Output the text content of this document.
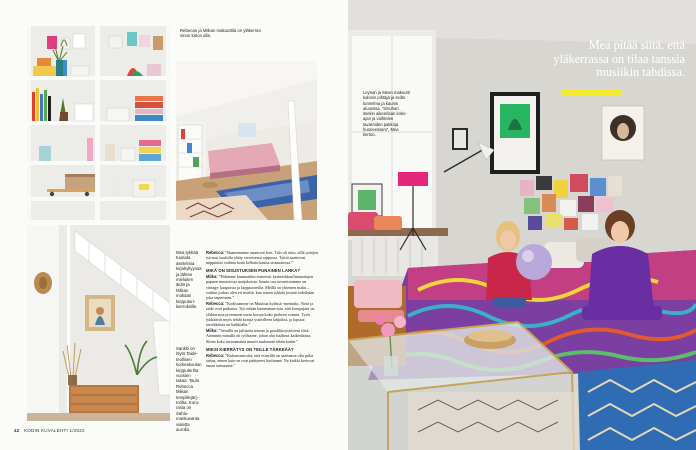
Rebecan ja Miikan makuuttila on yläkerran vinon katon alla.
Mea tykkää tuunata asetelmia kirjahyllyynsä ja lähtee mieluiten äidin ja Miikan mukaan kirpputorikierroksille.
Sankki on löytö Taideteollisen korkeakoulun kirpputerilta vuosien takaa. Taulu Rebecca Miikan tempillejärjtorilta. Korurasia on Sahtumankuvanta vialetta aurolla.

Rebecca: ”Baanniminne asuntoon ferti. Talo oli tuttu, sillä tyttöjen isä asui tuudollu yhtäy viereisessä rappussa. Tyttöt saattoivat näppärästi vaihtaa kotia kellarin kautta sisäsuatessa.”

MIKÄ ON SISUSTUKSEN PUNAINEN LANKA?

Miika: ”Pidämme kummatkin esineistä: kerimiikkaa/lainnoitujen papuen muotoiesta matjakoista. Saurin osa tavaroistamme on vintage: kaupoista ja kirpputoreilta. Meillä on yhteinen maku – vaitkin joskus olen eri mieltä, kun toinen tykkää jostain todellakin joka tarpeeseen.”

Rebecca: ”Kodissamme on Muuttua kylässä -meininki. Vietä ja taide ovat paikassa. Työ teikän kummanne niin, että korupajani on yläkerrassa ja teemme usein koruja koko perheen voimin. Tytöt tykkäävät myös tehdä koruja ystävilleen lahjoiksi, ja lopuita tarvikkeista on kaikkialla.”

Miika: ”Seinillä on julisteita minun ja graafikkoystävieni töitä. Aiemmin minulla oli työhuone, johon olin haalinut kaikenlaista. Sitten koko tavarumäärä muutti mukanani tähän kotiin.”

MIKSI KIERRÄTYS ON TEILLE TÄRKEÄÄ?

Rebecca: ”Kokonsaan sitä, että esineillä on saattamut olla pitkä tarina, ennen kuin ne ovat päätyneet kotiimme. Ne kaikki kertovat omaa tarinaansa.”

42 KODIN KUVALEHTI 1/2022
Mea pitää siitä, että yläkerrassa on tilaa tanssia musiikin tahdissa.
Leynan ja Mean makuutti kolonin pihtäjä ja seilto tunnelma ja kaunis aluusssa. ”Sinuhan itsekin aikeerlaan kokoajan ja vaihtelen tavaroiden pakkoja huoneessani”, Mea kertoo.
